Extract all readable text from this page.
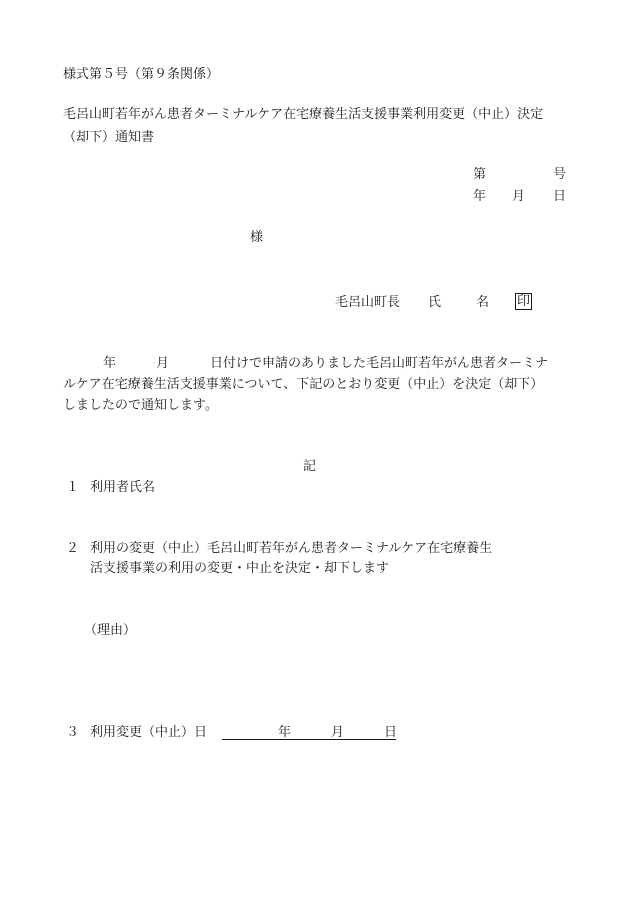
様式第５号（第９条関係）
毛呂山町若年がん患者ターミナルケア在宅療養生活支援事業利用変更（中止）決定
（却下）通知書
第	号
年 月 日
様
毛呂山町長 氏	名 印
年	月	日付けで申請のありました毛呂山町若年がん患者ターミナ
ルケア在宅療養生活支援事業について、下記のとおり変更（中止）を決定（却下）
しましたので通知します。
記
１ 利用者氏名
２ 利用の変更（中止）毛呂山町若年がん患者ターミナルケア在宅療養生
活支援事業の利用の変更・中止を決定・却下します
（理由）
３ 利用変更（中止）日	年	月	日
